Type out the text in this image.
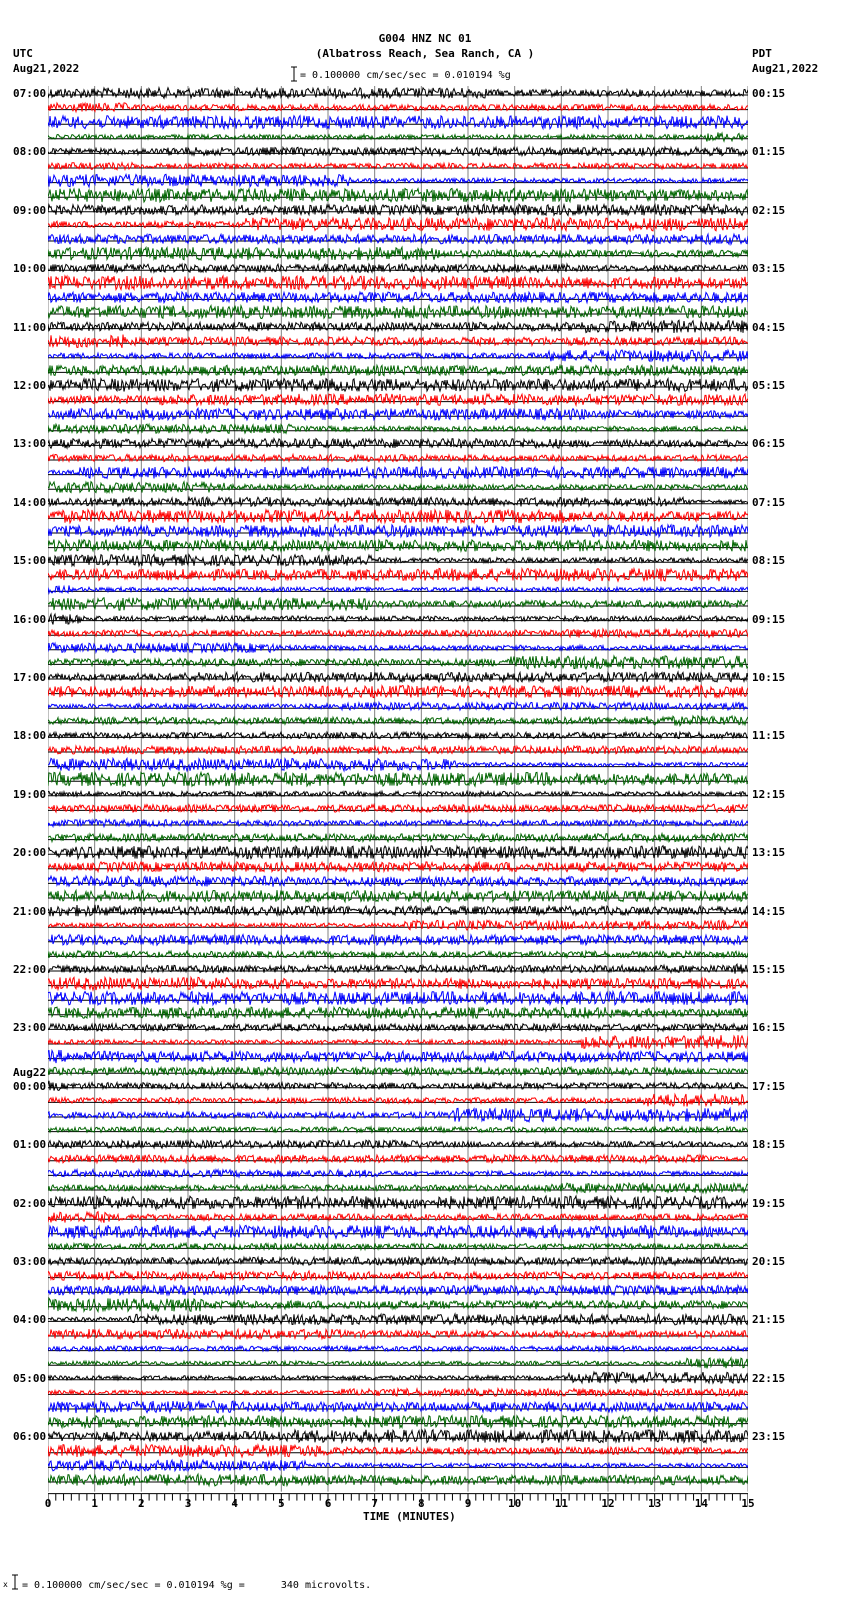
G004 HNZ NC 01
(Albatross Reach, Sea Ranch, CA )
= 0.100000 cm/sec/sec = 0.010194 %g
UTC
Aug21,2022
PDT
Aug21,2022
07:00
08:00
09:00
10:00
11:00
12:00
13:00
14:00
15:00
16:00
17:00
18:00
19:00
20:00
21:00
22:00
23:00
00:00
Aug22
01:00
02:00
03:00
04:00
05:00
06:00
00:15
01:15
02:15
03:15
04:15
05:15
06:15
07:15
08:15
09:15
10:15
11:15
12:15
13:15
14:15
15:15
16:15
17:15
18:15
19:15
20:15
21:15
22:15
23:15
0	1	2	3	4	5	6	7	8	9	10	11	12	13	14	15
TIME (MINUTES)
x = 0.100000 cm/sec/sec = 0.010194 %g =      340 microvolts.
